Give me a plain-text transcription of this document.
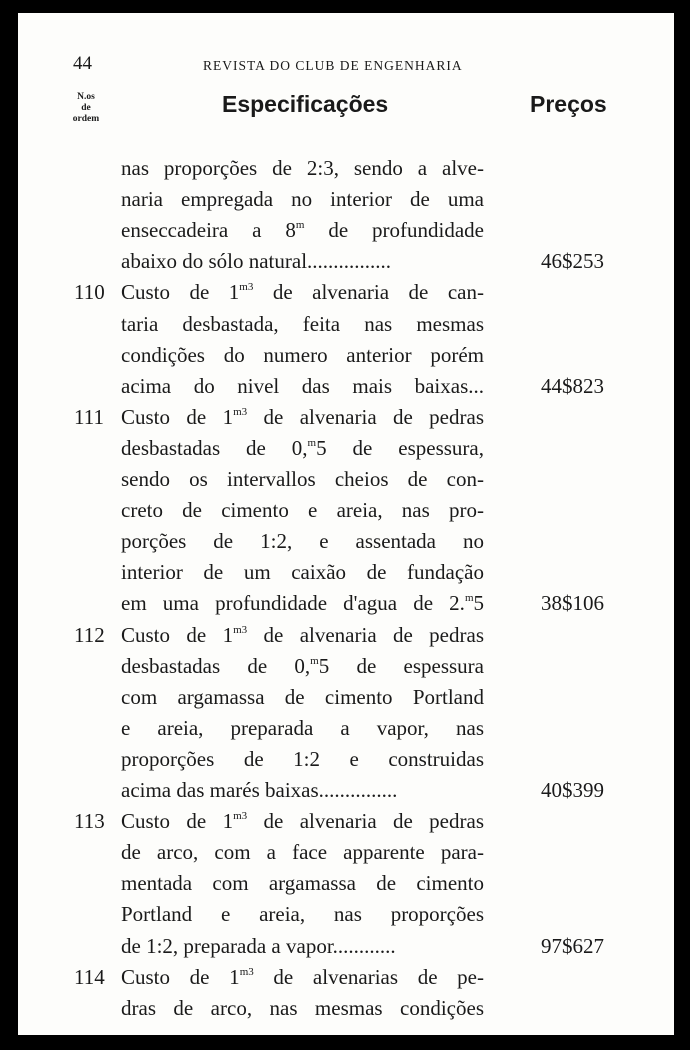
44	REVISTA DO CLUB DE ENGENHARIA
N.os
de
ordem
Especificações	Preços
nas proporções de 2:3, sendo a alve-
naria empregada no interior de uma
enseccadeira a 8$^m$ de profundidade
abaixo do sólo natural................	46$253
110 Custo de $1^{m3}$ de alvenaria de can-
taria desbastada, feita nas mesmas
condições do numero anterior porém
acima do nivel das mais baixas...	44$823
111 Custo de $1^{m3}$ de alvenaria de pedras
desbastadas de 0,$^m$5 de espessura,
sendo os intervallos cheios de con-
creto de cimento e areia, nas pro-
porções de 1:2, e assentada no
interior de um caixão de fundação
em uma profundidade d'agua de 2.$^m$5	38$106
112 Custo de $1^{m3}$ de alvenaria de pedras
desbastadas de 0,$^m$5 de espessura
com argamassa de cimento Portland
e areia, preparada a vapor, nas
proporções de 1:2 e construidas
acima das marés baixas...............	40$399
113 Custo de $1^{m3}$ de alvenaria de pedras
de arco, com a face apparente para-
mentada com argamassa de cimento
Portland e areia, nas proporções
de 1:2, preparada a vapor............	97$627
114 Custo de $1^{m3}$ de alvenarias de pe-
dras de arco, nas mesmas condições
